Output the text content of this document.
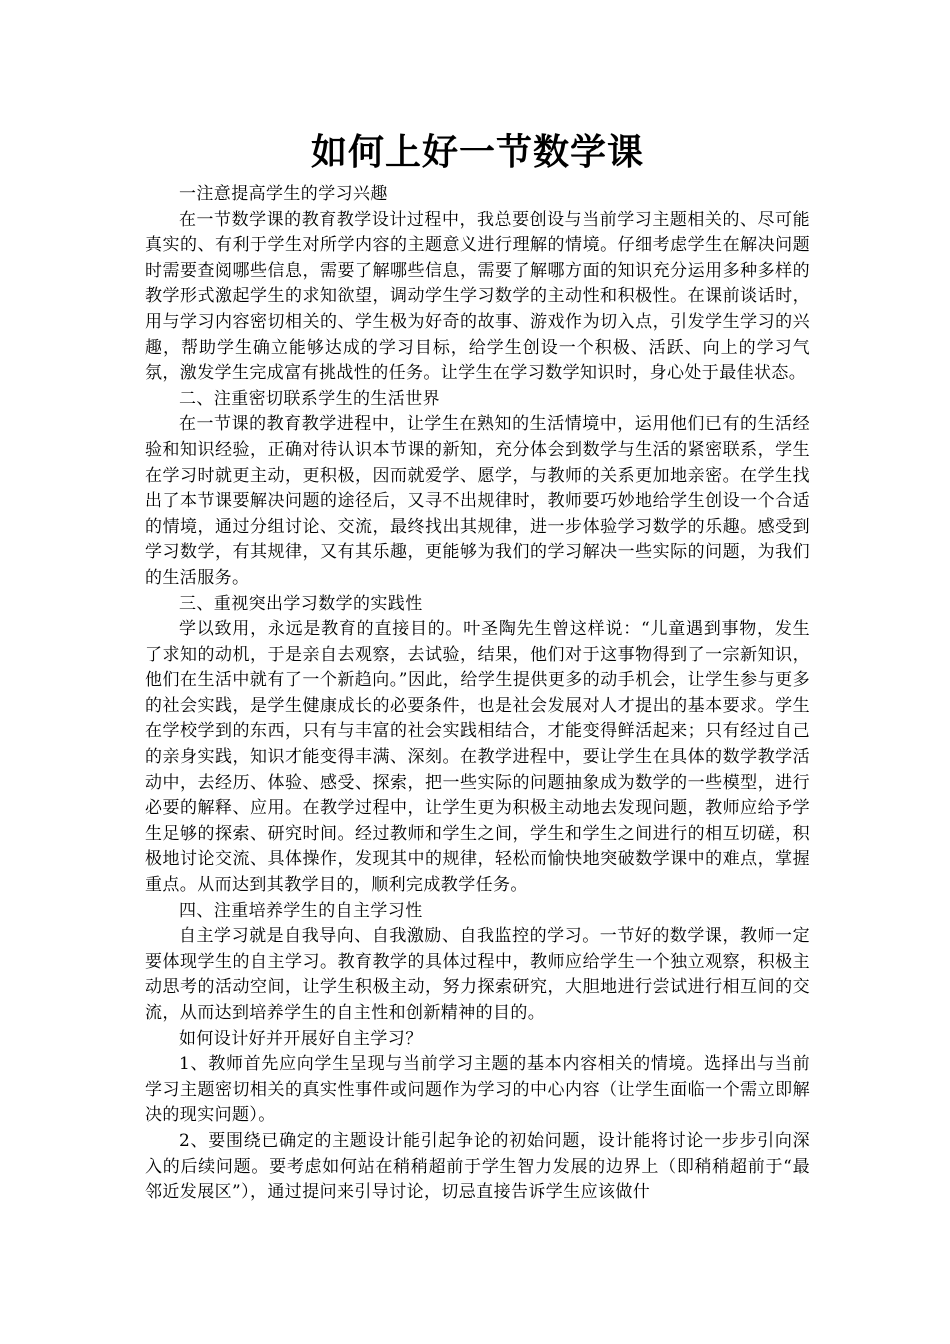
如何上好一节数学课

一注意提高学生的学习兴趣

在一节数学课的教育教学设计过程中，我总要创设与当前学习主题相关的、尽可能真实的、有利于学生对所学内容的主题意义进行理解的情境。仔细考虑学生在解决问题时需要查阅哪些信息，需要了解哪些信息，需要了解哪方面的知识充分运用多种多样的教学形式激起学生的求知欲望，调动学生学习数学的主动性和积极性。在课前谈话时，用与学习内容密切相关的、学生极为好奇的故事、游戏作为切入点，引发学生学习的兴趣，帮助学生确立能够达成的学习目标，给学生创设一个积极、活跃、向上的学习气氛，激发学生完成富有挑战性的任务。让学生在学习数学知识时，身心处于最佳状态。

二、注重密切联系学生的生活世界

在一节课的教育教学进程中，让学生在熟知的生活情境中，运用他们已有的生活经验和知识经验，正确对待认识本节课的新知，充分体会到数学与生活的紧密联系，学生在学习时就更主动，更积极，因而就爱学、愿学，与教师的关系更加地亲密。在学生找出了本节课要解决问题的途径后，又寻不出规律时，教师要巧妙地给学生创设一个合适的情境，通过分组讨论、交流，最终找出其规律，进一步体验学习数学的乐趣。感受到学习数学，有其规律，又有其乐趣，更能够为我们的学习解决一些实际的问题，为我们的生活服务。

三、重视突出学习数学的实践性

学以致用，永远是教育的直接目的。叶圣陶先生曾这样说：“儿童遇到事物，发生了求知的动机，于是亲自去观察，去试验，结果，他们对于这事物得到了一宗新知识，他们在生活中就有了一个新趋向。”因此，给学生提供更多的动手机会，让学生参与更多的社会实践，是学生健康成长的必要条件，也是社会发展对人才提出的基本要求。学生在学校学到的东西，只有与丰富的社会实践相结合，才能变得鲜活起来；只有经过自己的亲身实践，知识才能变得丰满、深刻。在教学进程中，要让学生在具体的数学教学活动中，去经历、体验、感受、探索，把一些实际的问题抽象成为数学的一些模型，进行必要的解释、应用。在教学过程中，让学生更为积极主动地去发现问题，教师应给予学生足够的探索、研究时间。经过教师和学生之间，学生和学生之间进行的相互切磋，积极地讨论交流、具体操作，发现其中的规律，轻松而愉快地突破数学课中的难点，掌握重点。从而达到其教学目的，顺利完成教学任务。

四、注重培养学生的自主学习性

自主学习就是自我导向、自我激励、自我监控的学习。一节好的数学课，教师一定要体现学生的自主学习。教育教学的具体过程中，教师应给学生一个独立观察，积极主动思考的活动空间，让学生积极主动，努力探索研究，大胆地进行尝试进行相互间的交流，从而达到培养学生的自主性和创新精神的目的。

如何设计好并开展好自主学习？

1、教师首先应向学生呈现与当前学习主题的基本内容相关的情境。选择出与当前学习主题密切相关的真实性事件或问题作为学习的中心内容（让学生面临一个需立即解决的现实问题）。

2、要围绕已确定的主题设计能引起争论的初始问题，设计能将讨论一步步引向深入的后续问题。要考虑如何站在稍稍超前于学生智力发展的边界上（即稍稍超前于“最邻近发展区”），通过提问来引导讨论，切忌直接告诉学生应该做什
